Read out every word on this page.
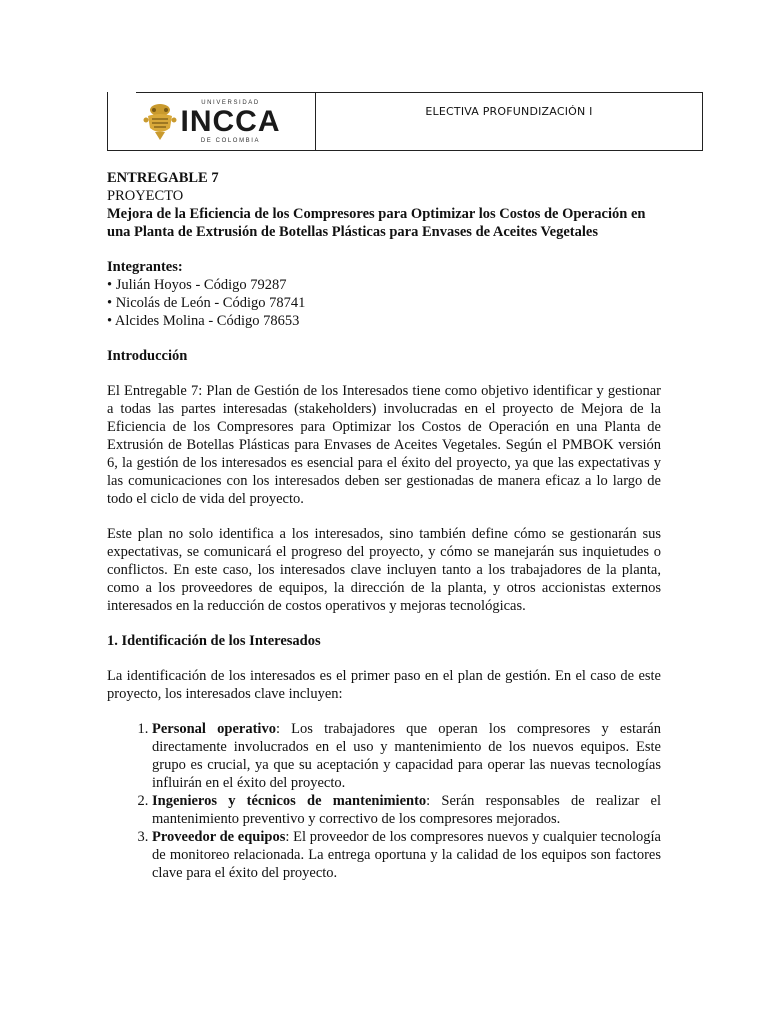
UNIVERSIDAD
INCCA
DE COLOMBIA
ELECTIVA PROFUNDIZACIÓN I

ENTREGABLE 7

PROYECTO

Mejora de la Eficiencia de los Compresores para Optimizar los Costos de Operación en una Planta de Extrusión de Botellas Plásticas para Envases de Aceites Vegetales

Integrantes:

• Julián Hoyos - Código 79287

• Nicolás de León - Código 78741

• Alcides Molina - Código 78653

Introducción

El Entregable 7: Plan de Gestión de los Interesados tiene como objetivo identificar y gestionar a todas las partes interesadas (stakeholders) involucradas en el proyecto de Mejora de la Eficiencia de los Compresores para Optimizar los Costos de Operación en una Planta de Extrusión de Botellas Plásticas para Envases de Aceites Vegetales. Según el PMBOK versión 6, la gestión de los interesados es esencial para el éxito del proyecto, ya que las expectativas y las comunicaciones con los interesados deben ser gestionadas de manera eficaz a lo largo de todo el ciclo de vida del proyecto.

Este plan no solo identifica a los interesados, sino también define cómo se gestionarán sus expectativas, se comunicará el progreso del proyecto, y cómo se manejarán sus inquietudes o conflictos. En este caso, los interesados clave incluyen tanto a los trabajadores de la planta, como a los proveedores de equipos, la dirección de la planta, y otros accionistas externos interesados en la reducción de costos operativos y mejoras tecnológicas.

1. Identificación de los Interesados

La identificación de los interesados es el primer paso en el plan de gestión. En el caso de este proyecto, los interesados clave incluyen:

1. Personal operativo: Los trabajadores que operan los compresores y estarán directamente involucrados en el uso y mantenimiento de los nuevos equipos. Este grupo es crucial, ya que su aceptación y capacidad para operar las nuevas tecnologías influirán en el éxito del proyecto.
2. Ingenieros y técnicos de mantenimiento: Serán responsables de realizar el mantenimiento preventivo y correctivo de los compresores mejorados.
3. Proveedor de equipos: El proveedor de los compresores nuevos y cualquier tecnología de monitoreo relacionada. La entrega oportuna y la calidad de los equipos son factores clave para el éxito del proyecto.
